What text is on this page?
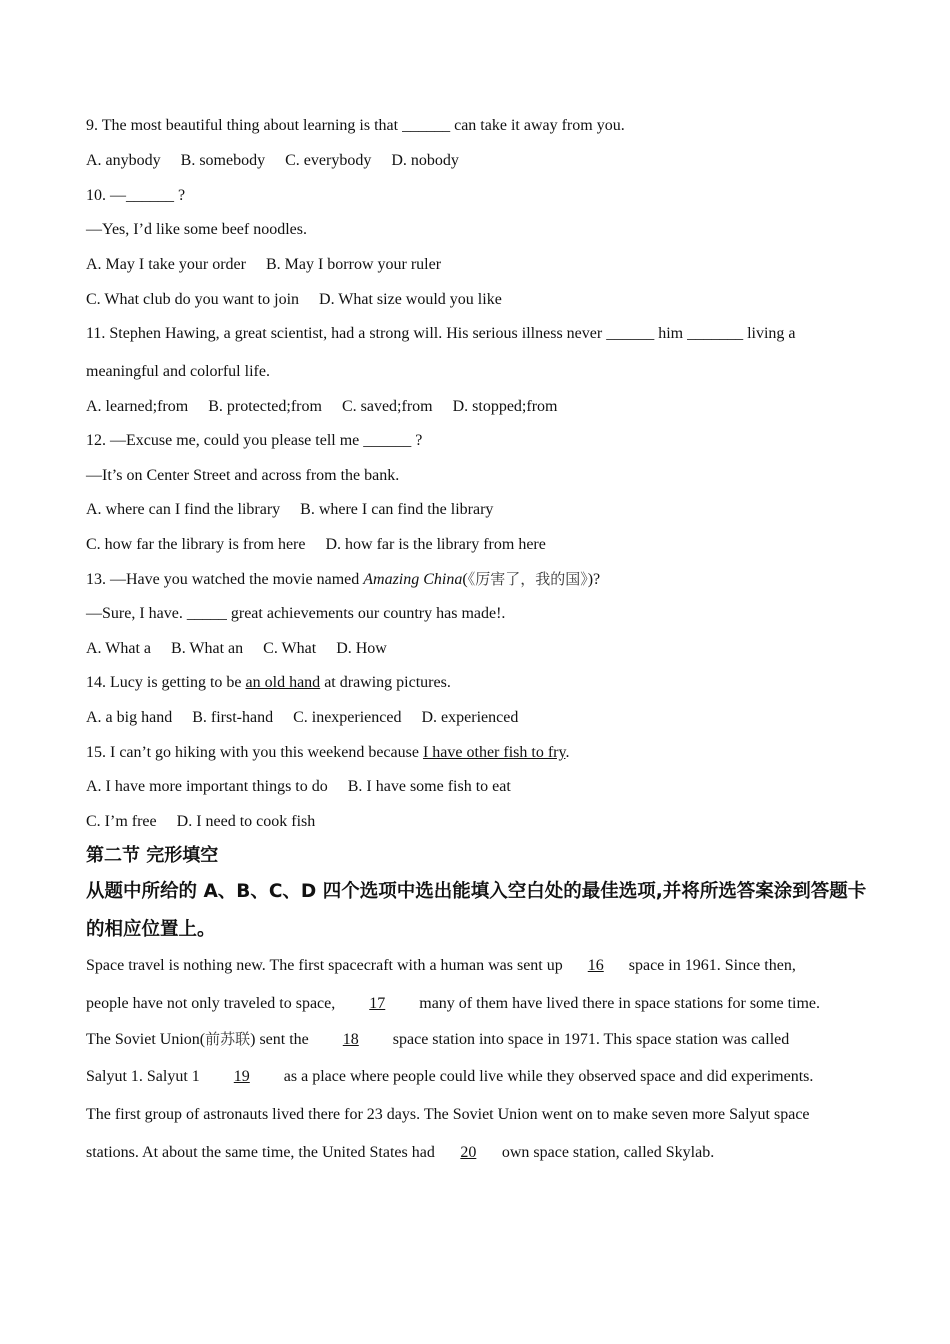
9. The most beautiful thing about learning is that ______ can take it away from you.
A. anybody B. somebody C. everybody D. nobody
10. —______ ?
—Yes, I’d like some beef noodles.
A. May I take your order B. May I borrow your ruler
C. What club do you want to join D. What size would you like
11. Stephen Hawing, a great scientist, had a strong will. His serious illness never ______ him _______ living a
meaningful and colorful life.
A. learned;from B. protected;from C. saved;from D. stopped;from
12. —Excuse me, could you please tell me ______ ?
—It’s on Center Street and across from the bank.
A. where can I find the library B. where I can find the library
C. how far the library is from here D. how far is the library from here
13. —Have you watched the movie named Amazing China(《厉害了，我的国》)?
—Sure, I have. _____ great achievements our country has made!.
A. What a B. What an C. What D. How
14. Lucy is getting to be an old hand at drawing pictures.
A. a big hand B. first-hand C. inexperienced D. experienced
15. I can’t go hiking with you this weekend because I have other fish to fry.
A. I have more important things to do B. I have some fish to eat
C. I’m free D. I need to cook fish
第二节 完形填空
从题中所给的 A、B、C、D 四个选项中选出能填入空白处的最佳选项,并将所选答案涂到答题卡
的相应位置上。
Space travel is nothing new. The first spacecraft with a human was sent up 16 space in 1961. Since then,
people have not only traveled to space, 17 many of them have lived there in space stations for some time.
The Soviet Union(前苏联) sent the 18 space station into space in 1971. This space station was called
Salyut 1. Salyut 1 19 as a place where people could live while they observed space and did experiments.
The first group of astronauts lived there for 23 days. The Soviet Union went on to make seven more Salyut space
stations. At about the same time, the United States had 20 own space station, called Skylab.
